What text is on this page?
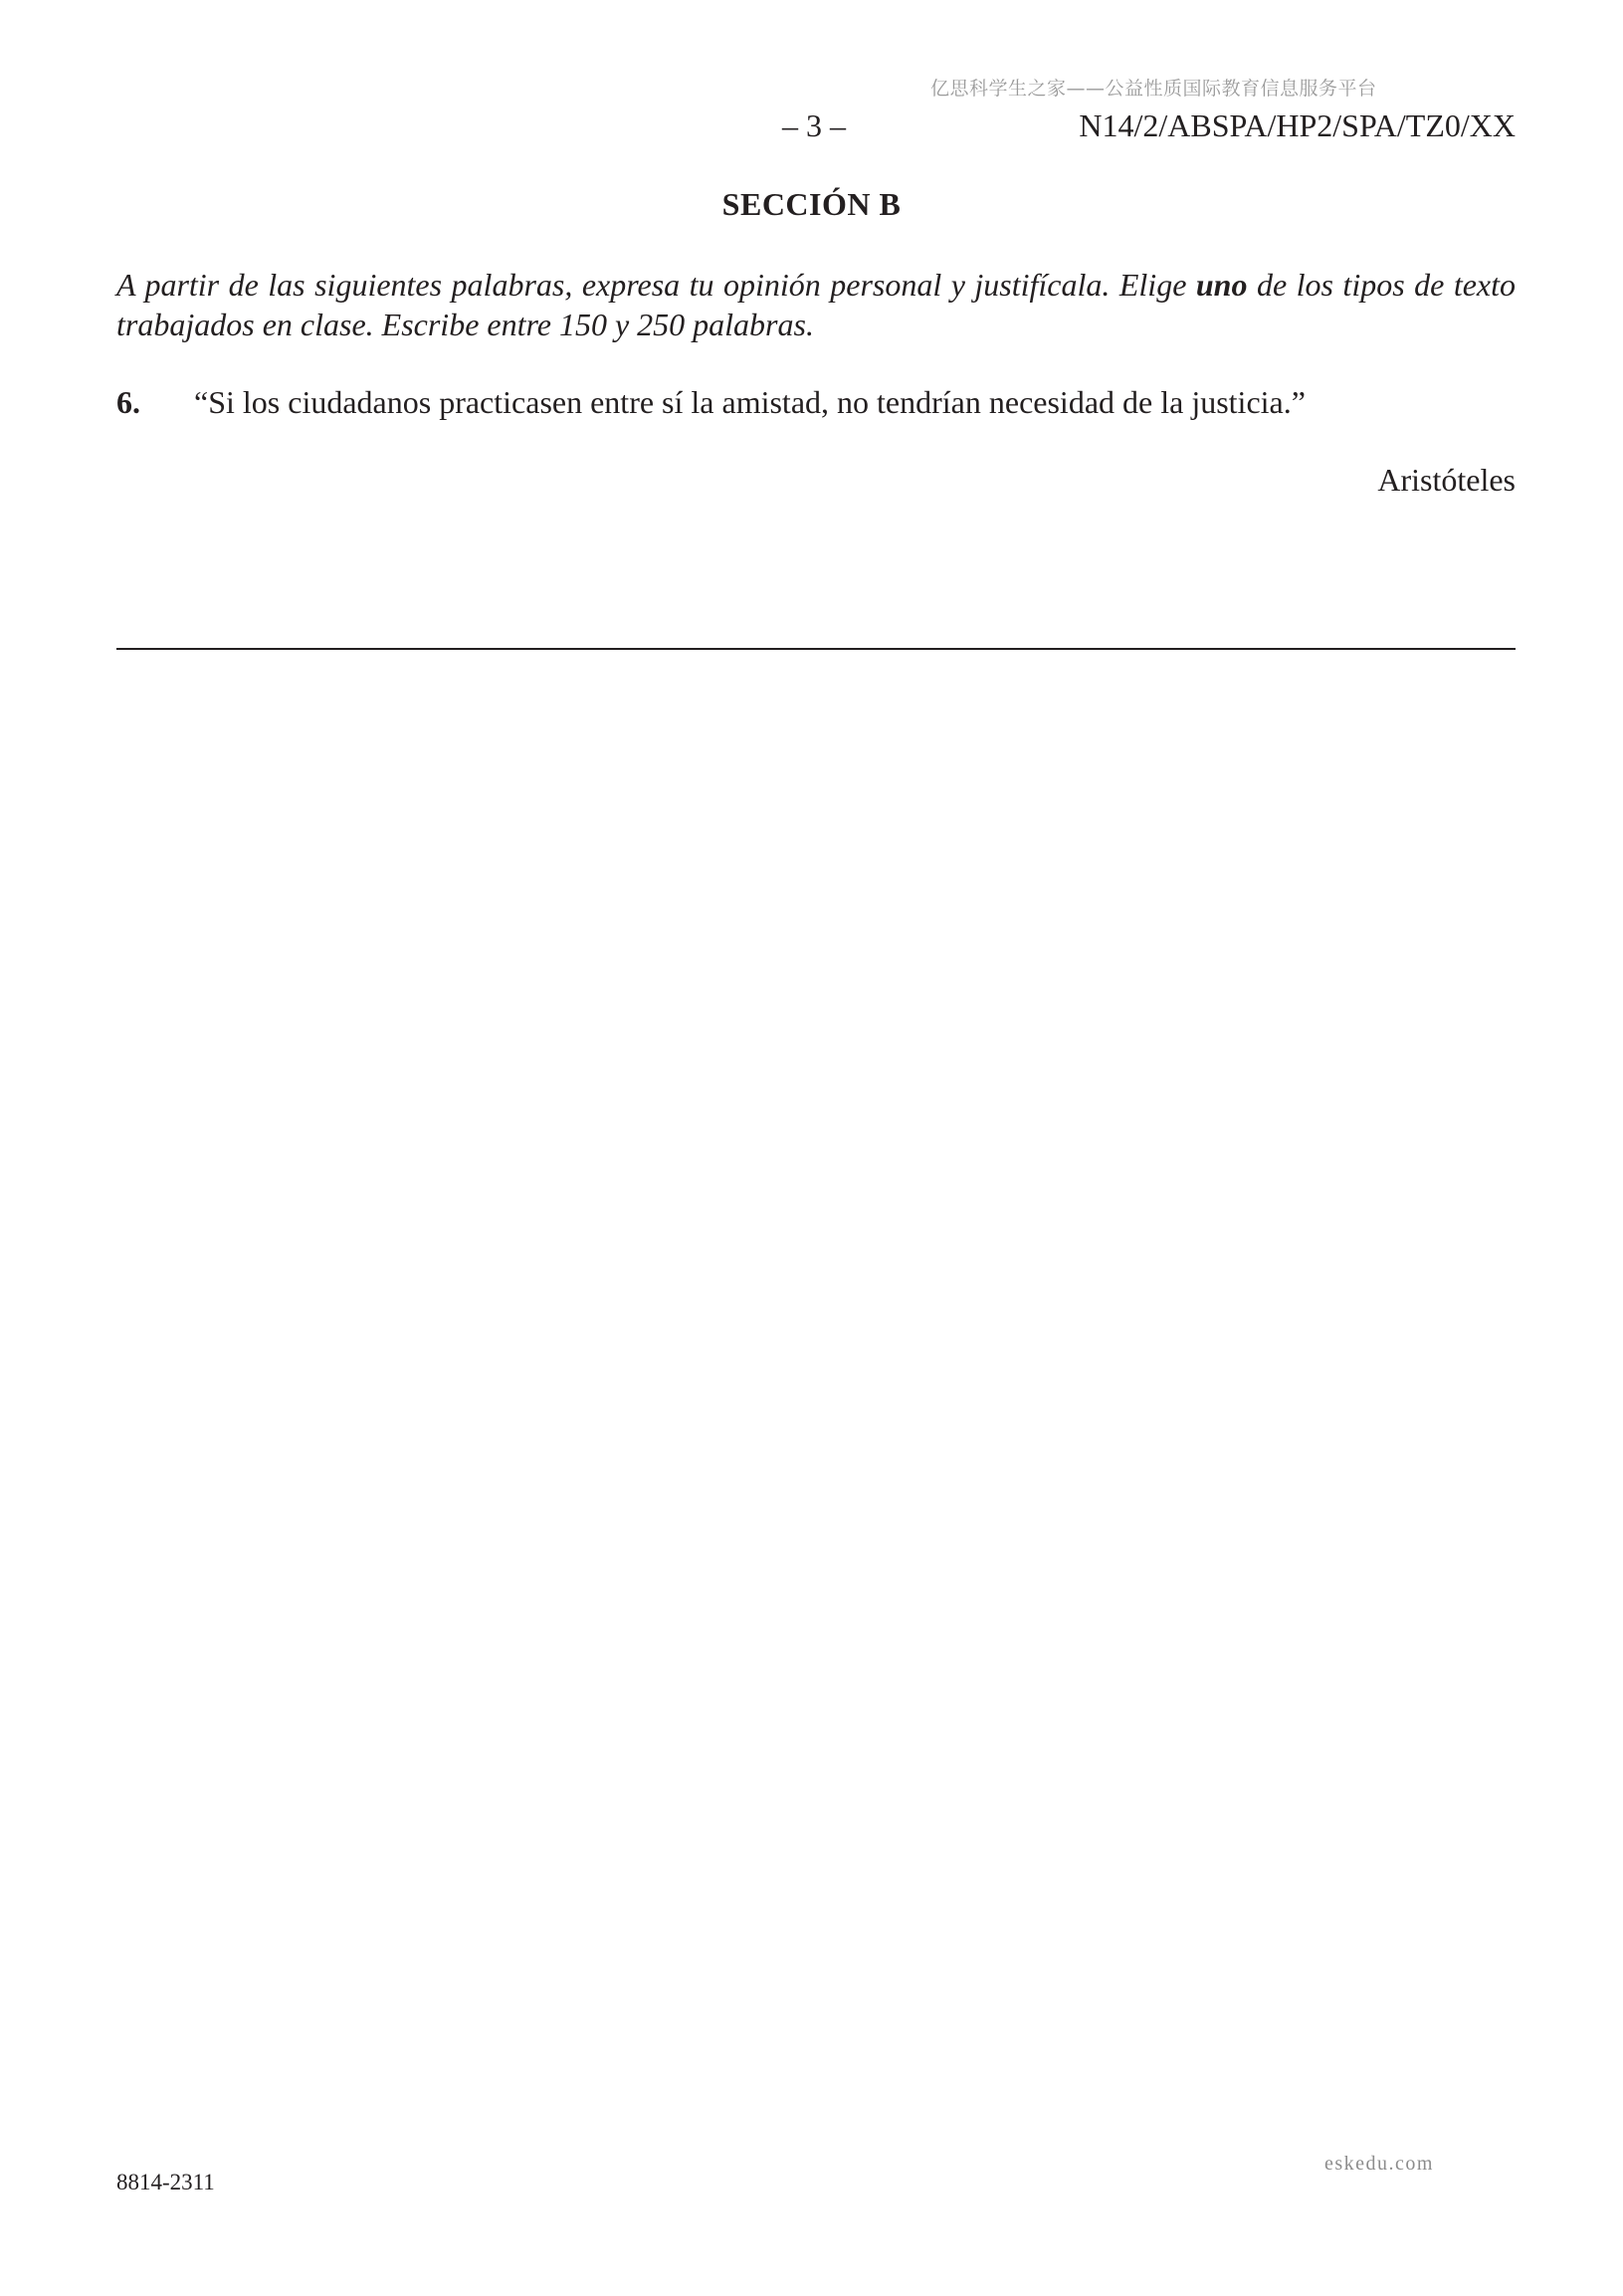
亿思科学生之家——公益性质国际教育信息服务平台
– 3 –	N14/2/ABSPA/HP2/SPA/TZ0/XX
SECCIÓN B
A partir de las siguientes palabras, expresa tu opinión personal y justifícala. Elige uno de los tipos de texto trabajados en clase. Escribe entre 150 y 250 palabras.
6. “Si los ciudadanos practicasen entre sí la amistad, no tendrían necesidad de la justicia.”
Aristóteles
eskedu.com
8814-2311
